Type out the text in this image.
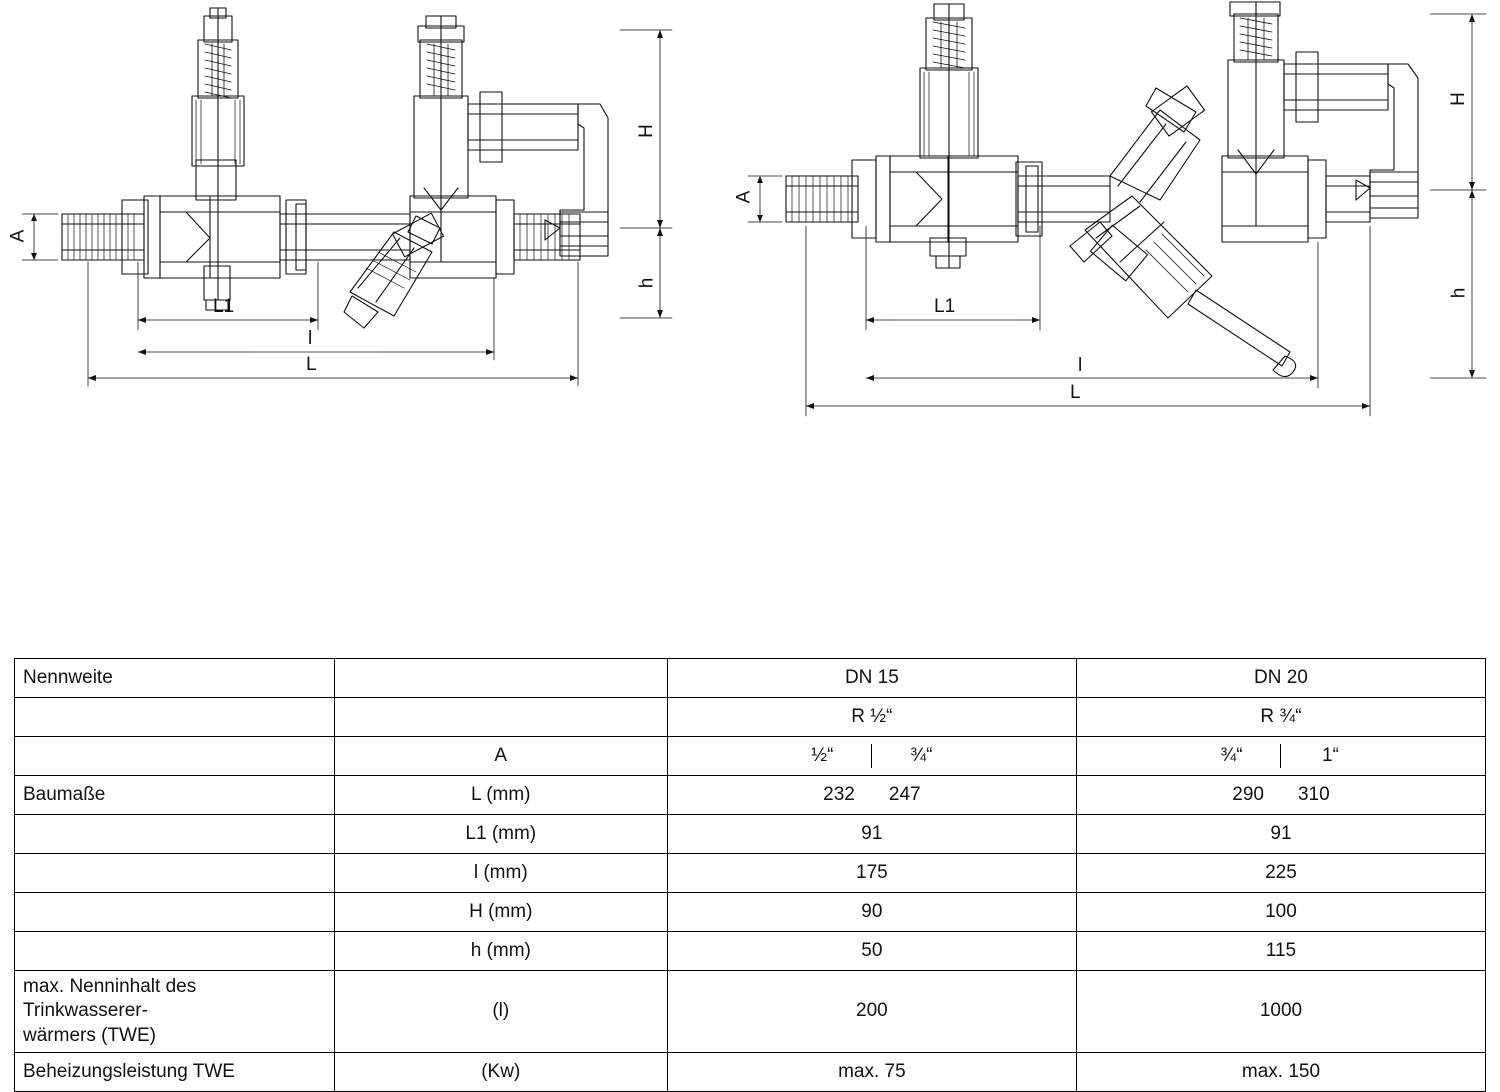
A
H
h
L1
l
L
A
H
h
L1
l
L
Nennweite		DN 15	DN 20
		R ½“	R ¾“
	A	½“ ¾“	¾“ 1“

Baumaße	L (mm)	232 247	290 310

	L1 (mm)	91	91
	l (mm)	175	225
	H (mm)	90	100
	h (mm)	50	115

max. Nenninhalt des
Trinkwasserer-
wärmers (TWE)	(l)	200	1000
Beheizungsleistung TWE	(Kw)	max. 75	max. 150
